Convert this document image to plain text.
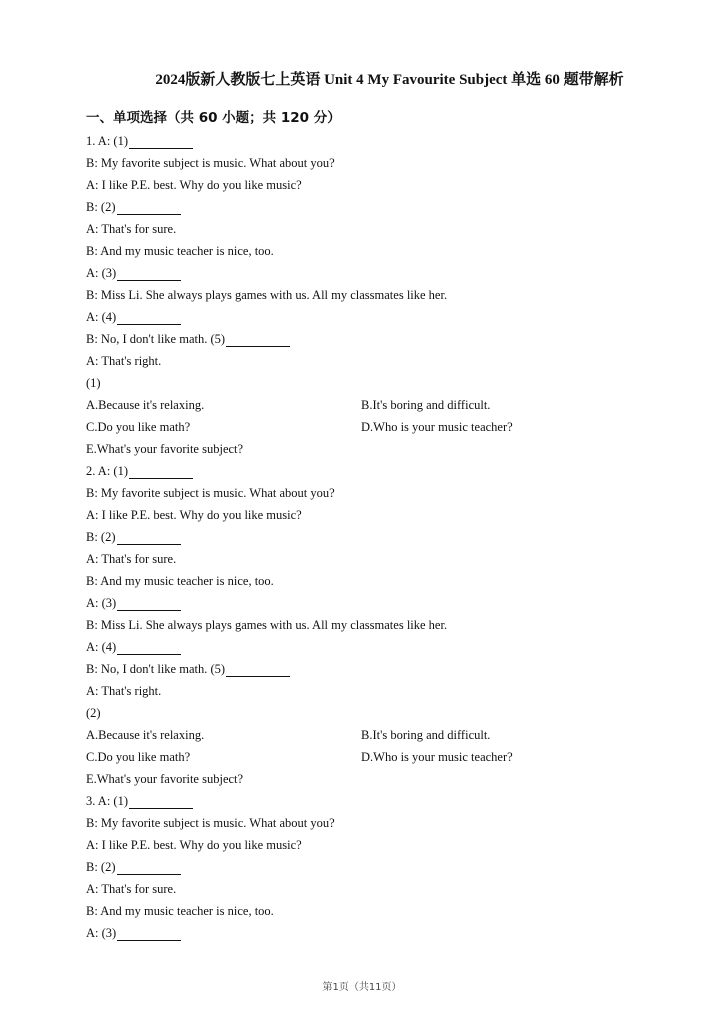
2024版新人教版七上英语 Unit 4 My Favourite Subject 单选 60 题带解析
一、单项选择（共 60 小题；共 120 分）
1. A: (1)
B: My favorite subject is music. What about you?
A: I like P.E. best. Why do you like music?
B: (2)
A: That's for sure.
B: And my music teacher is nice, too.
A: (3)
B: Miss Li. She always plays games with us. All my classmates like her.
A: (4)
B: No, I don't like math. (5)
A: That's right.
(1)
A.Because it's relaxing.	B.It's boring and difficult.
C.Do you like math?	D.Who is your music teacher?
E.What's your favorite subject?
2. A: (1)
B: My favorite subject is music. What about you?
A: I like P.E. best. Why do you like music?
B: (2)
A: That's for sure.
B: And my music teacher is nice, too.
A: (3)
B: Miss Li. She always plays games with us. All my classmates like her.
A: (4)
B: No, I don't like math. (5)
A: That's right.
(2)
A.Because it's relaxing.	B.It's boring and difficult.
C.Do you like math?	D.Who is your music teacher?
E.What's your favorite subject?
3. A: (1)
B: My favorite subject is music. What about you?
A: I like P.E. best. Why do you like music?
B: (2)
A: That's for sure.
B: And my music teacher is nice, too.
A: (3)
第1页（共11页）
